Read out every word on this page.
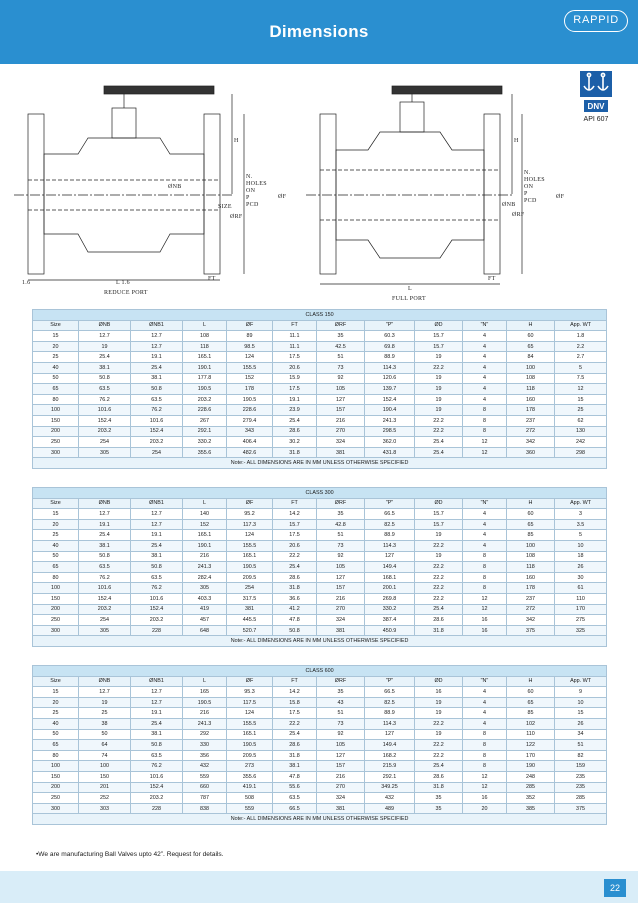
Dimensions
RAPPID
DNV
API 607
REDUCE PORT
L 1.6
1.6
FT
H
ØNB
SIZE
ØRF
N. HOLES ON P PCD
ØF
FULL PORT
L
FT
H
ØNB
ØRF
N. HOLES ON P PCD
ØF
CLASS 150											
Size	ØNB	ØNB1	L	ØF	FT	ØRF	"P"	ØD	"N"	H	App. WT
15	12.7	12.7	108	89	11.1	35	60.3	15.7	4	60	1.8
20	19	12.7	118	98.5	11.1	42.5	69.8	15.7	4	65	2.2
25	25.4	19.1	165.1	124	17.5	51	88.9	19	4	84	2.7
40	38.1	25.4	190.1	155.5	20.6	73	114.3	22.2	4	100	5
50	50.8	38.1	177.8	152	15.9	92	120.6	19	4	108	7.5
65	63.5	50.8	190.5	178	17.5	105	139.7	19	4	118	12
80	76.2	63.5	203.2	190.5	19.1	127	152.4	19	4	160	15
100	101.6	76.2	228.6	228.6	23.9	157	190.4	19	8	178	25
150	152.4	101.6	267	279.4	25.4	216	241.3	22.2	8	237	62
200	203.2	152.4	292.1	343	28.6	270	298.5	22.2	8	272	130
250	254	203.2	330.2	406.4	30.2	324	362.0	25.4	12	342	242
300	305	254	355.6	482.6	31.8	381	431.8	25.4	12	360	298
Note:- ALL DIMENSIONS ARE IN MM UNLESS OTHERWISE SPECIFIED											
CLASS 300											
Size	ØNB	ØNB1	L	ØF	FT	ØRF	"P"	ØD	"N"	H	App. WT
15	12.7	12.7	140	95.2	14.2	35	66.5	15.7	4	60	3
20	19.1	12.7	152	117.3	15.7	42.8	82.5	15.7	4	65	3.5
25	25.4	19.1	165.1	124	17.5	51	88.9	19	4	85	5
40	38.1	25.4	190.1	155.5	20.6	73	114.3	22.2	4	100	10
50	50.8	38.1	216	165.1	22.2	92	127	19	8	108	18
65	63.5	50.8	241.3	190.5	25.4	105	149.4	22.2	8	118	26
80	76.2	63.5	282.4	209.5	28.6	127	168.1	22.2	8	160	30
100	101.6	76.2	305	254	31.8	157	200.1	22.2	8	178	61
150	152.4	101.6	403.3	317.5	36.6	216	269.8	22.2	12	237	110
200	203.2	152.4	419	381	41.2	270	330.2	25.4	12	272	170
250	254	203.2	457	445.5	47.8	324	387.4	28.6	16	342	275
300	305	228	648	520.7	50.8	381	450.9	31.8	16	375	325
Note:- ALL DIMENSIONS ARE IN MM UNLESS OTHERWISE SPECIFIED											
CLASS 600											
Size	ØNB	ØNB1	L	ØF	FT	ØRF	"P"	ØD	"N"	H	App. WT
15	12.7	12.7	165	95.3	14.2	35	66.5	16	4	60	9
20	19	12.7	190.5	117.5	15.8	43	82.5	19	4	65	10
25	25	19.1	216	124	17.5	51	88.9	19	4	85	15
40	38	25.4	241.3	155.5	22.2	73	114.3	22.2	4	102	26
50	50	38.1	292	165.1	25.4	92	127	19	8	110	34
65	64	50.8	330	190.5	28.6	105	149.4	22.2	8	122	51
80	74	63.5	356	209.5	31.8	127	168.2	22.2	8	170	82
100	100	76.2	432	273	38.1	157	215.9	25.4	8	190	159
150	150	101.6	559	355.6	47.8	216	292.1	28.6	12	248	235
200	201	152.4	660	419.1	55.6	270	349.25	31.8	12	285	235
250	252	203.2	787	508	63.5	324	432	35	16	352	285
300	303	228	838	559	66.5	381	489	35	20	385	375
Note:- ALL DIMENSIONS ARE IN MM UNLESS OTHERWISE SPECIFIED											
•We are manufacturing Ball Valves upto 42”. Request for details.
22
